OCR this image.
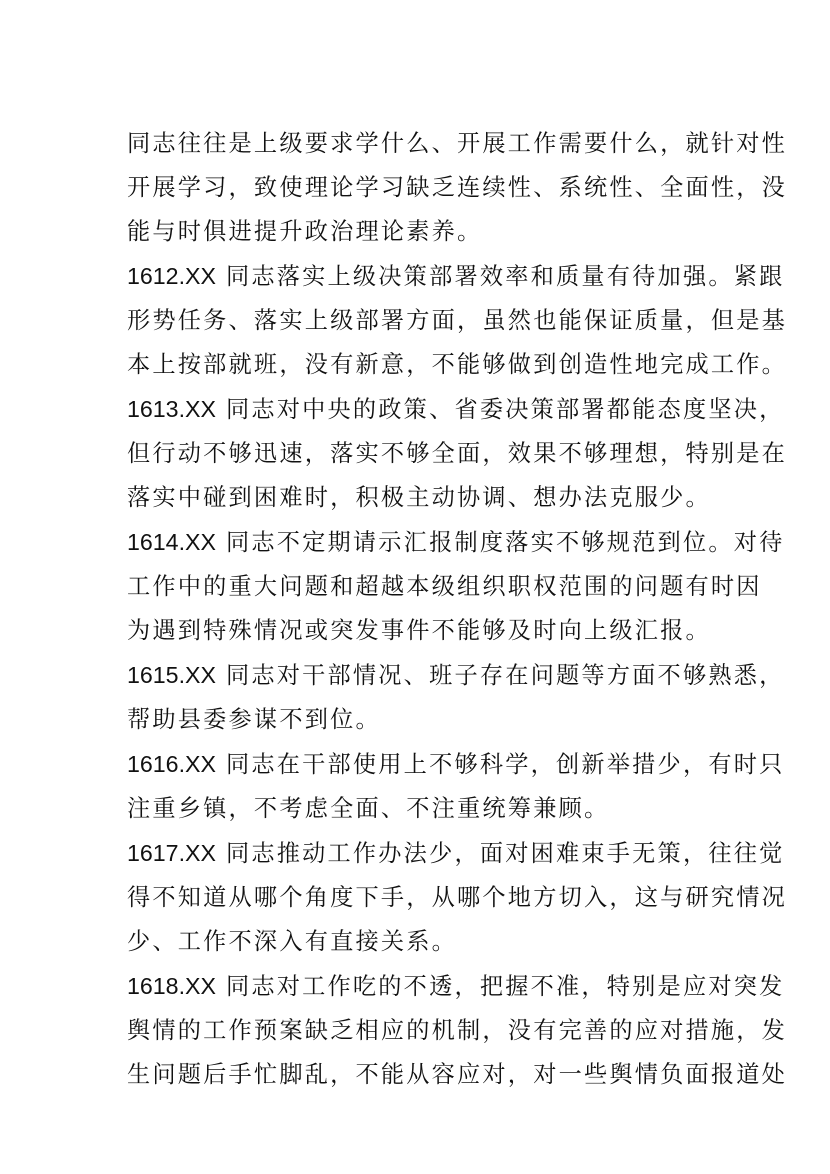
同志往往是上级要求学什么、开展工作需要什么，就针对性
开展学习，致使理论学习缺乏连续性、系统性、全面性，没
能与时俱进提升政治理论素养。

1612.XX 同志落实上级决策部署效率和质量有待加强。紧跟
形势任务、落实上级部署方面，虽然也能保证质量，但是基
本上按部就班，没有新意，不能够做到创造性地完成工作。

1613.XX 同志对中央的政策、省委决策部署都能态度坚决，
但行动不够迅速，落实不够全面，效果不够理想，特别是在
落实中碰到困难时，积极主动协调、想办法克服少。

1614.XX 同志不定期请示汇报制度落实不够规范到位。对待
工作中的重大问题和超越本级组织职权范围的问题有时因
为遇到特殊情况或突发事件不能够及时向上级汇报。

1615.XX 同志对干部情况、班子存在问题等方面不够熟悉，
帮助县委参谋不到位。

1616.XX 同志在干部使用上不够科学，创新举措少，有时只
注重乡镇，不考虑全面、不注重统筹兼顾。

1617.XX 同志推动工作办法少，面对困难束手无策，往往觉
得不知道从哪个角度下手，从哪个地方切入，这与研究情况
少、工作不深入有直接关系。

1618.XX 同志对工作吃的不透，把握不准，特别是应对突发
舆情的工作预案缺乏相应的机制，没有完善的应对措施，发
生问题后手忙脚乱，不能从容应对，对一些舆情负面报道处
